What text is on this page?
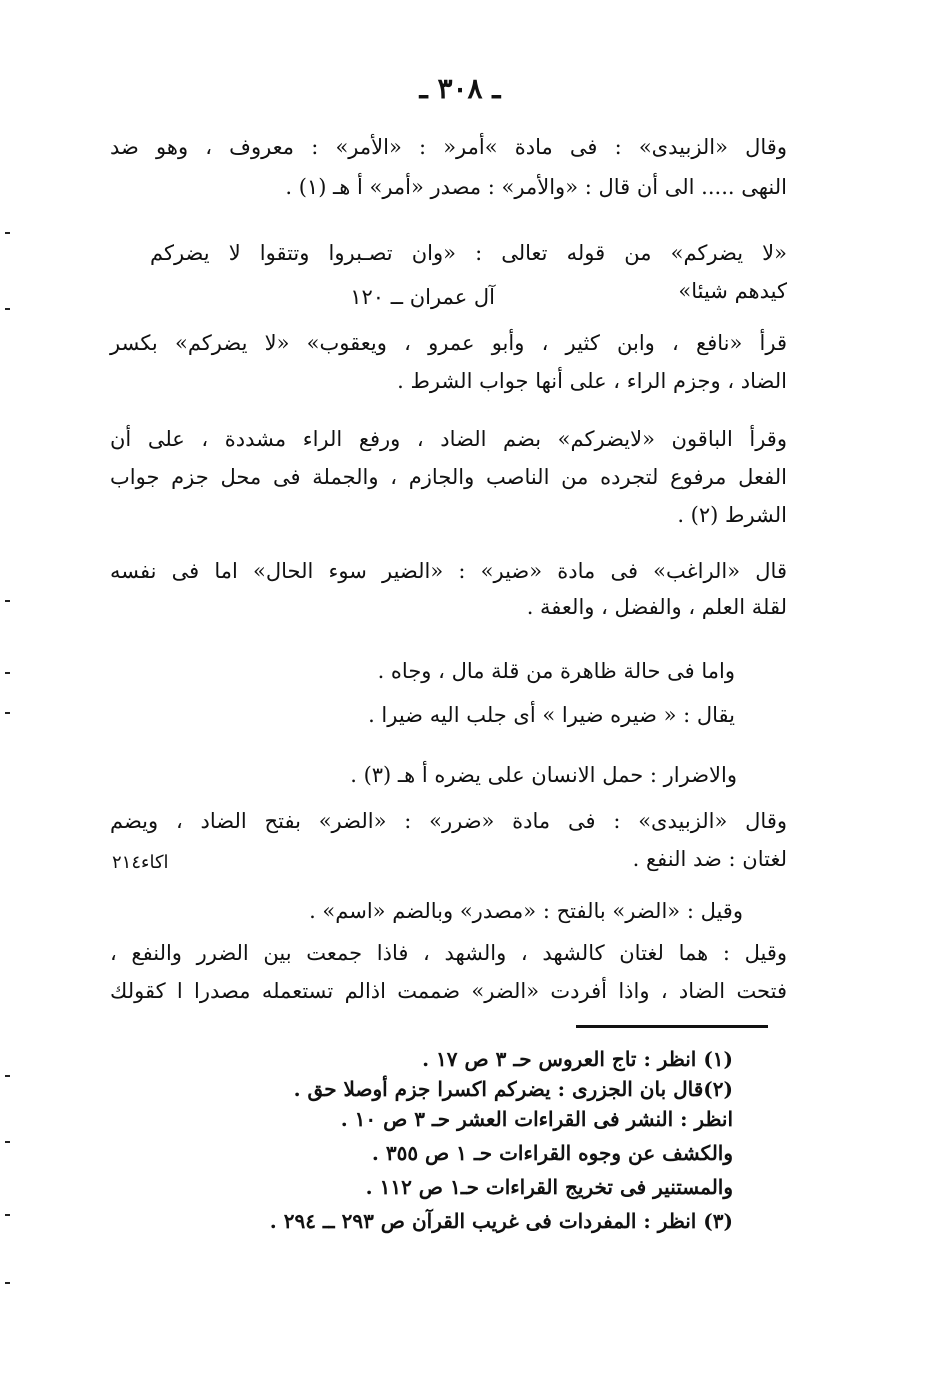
ـ ٣٠٨ ـ
وقال «الزبيدى» : فى مادة »أمر« : «الأمر» : معروف ، وهو ضد
النهى ..... الى أن قال : «والأمر» : مصدر «أمر» أ هـ (١) .
«لا يضركم» من قوله تعالى : «وان تصـبروا وتتقوا لا يضركم
كيدهم شيئا»
آل عمران ــ ١٢٠
قرأ «نافع ، وابن كثير ، وأبو عمرو ، ويعقوب» «لا يضركم» بكسر
الضاد ، وجزم الراء ، على أنها جواب الشرط .
وقرأ الباقون «لايضركم» بضم الضاد ، ورفع الراء مشددة ، على أن
الفعل مرفوع لتجرده من الناصب والجازم ، والجملة فى محل جزم جواب
الشرط (٢) .
قال «الراغب» فى مادة «ضير» : «الضير سوء الحال» اما فى نفسه
لقلة العلم ، والفضل ، والعفة .
واما فى حالة ظاهرة من قلة مال ، وجاه .
يقال : « ضيره ضيرا » أى جلب اليه ضيرا .
والاضرار : حمل الانسان على يضره أ هـ (٣) .
وقال «الزبيدى» : فى مادة «ضرر» : «الضر» بفتح الضاد ، ويضم
لغتان : ضد النفع .
اكاء٢١٤
وقيل : «الضر» بالفتح : «مصدر» وبالضم «اسم» .
وقيل : هما لغتان كالشهد ، والشهد ، فاذا جمعت بين الضرر والنفع ،
فتحت الضاد ، واذا أفردت «الضر» ضممت اذالم تستعمله مصدرا ا كقولك
(١) انظر : تاج العروس حـ ٣ ص ١٧ .
(٢)قال بان الجزرى : يضركم اكسرا جزم أوصلا حق .
انظر : النشر فى القراءات العشر حـ ٣ ص ١٠ .
والكشف عن وجوه القراءات حـ ١ ص ٣٥٥ .
والمستنير فى تخريج القراءات حـ١ ص ١١٢ .
(٣) انظر : المفردات فى غريب القرآن ص ٢٩٣ ــ ٢٩٤ .
